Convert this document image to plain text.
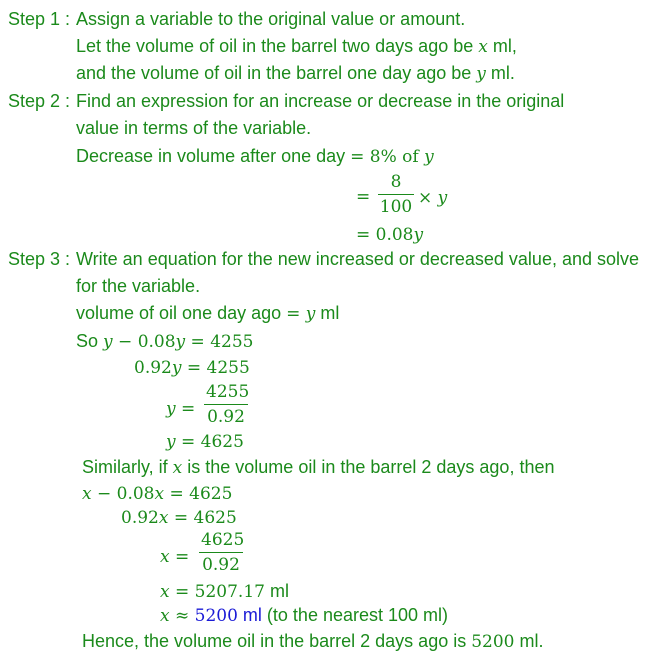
Step 1 : Assign a variable to the original value or amount.
Let the volume of oil in the barrel two days ago be x ml,
and the volume of oil in the barrel one day ago be y ml.
Step 2 : Find an expression for an increase or decrease in the original
value in terms of the variable.
Decrease in volume after one day = 8% of y
= $\frac{8}{100} \times y$
= 0.08y
Step 3 : Write an equation for the new increased or decreased value, and solve
for the variable.
volume of oil one day ago = y ml
So y − 0.08y = 4255
0.92y = 4255
$y = \frac{4255}{0.92}$
y = 4625
Similarly, if x is the volume oil in the barrel 2 days ago, then
x − 0.08x = 4625
0.92x = 4625
$x = \frac{4625}{0.92}$
x = 5207.17 ml
x ≈ 5200 ml (to the nearest 100 ml)
Hence, the volume oil in the barrel 2 days ago is 5200 ml.
